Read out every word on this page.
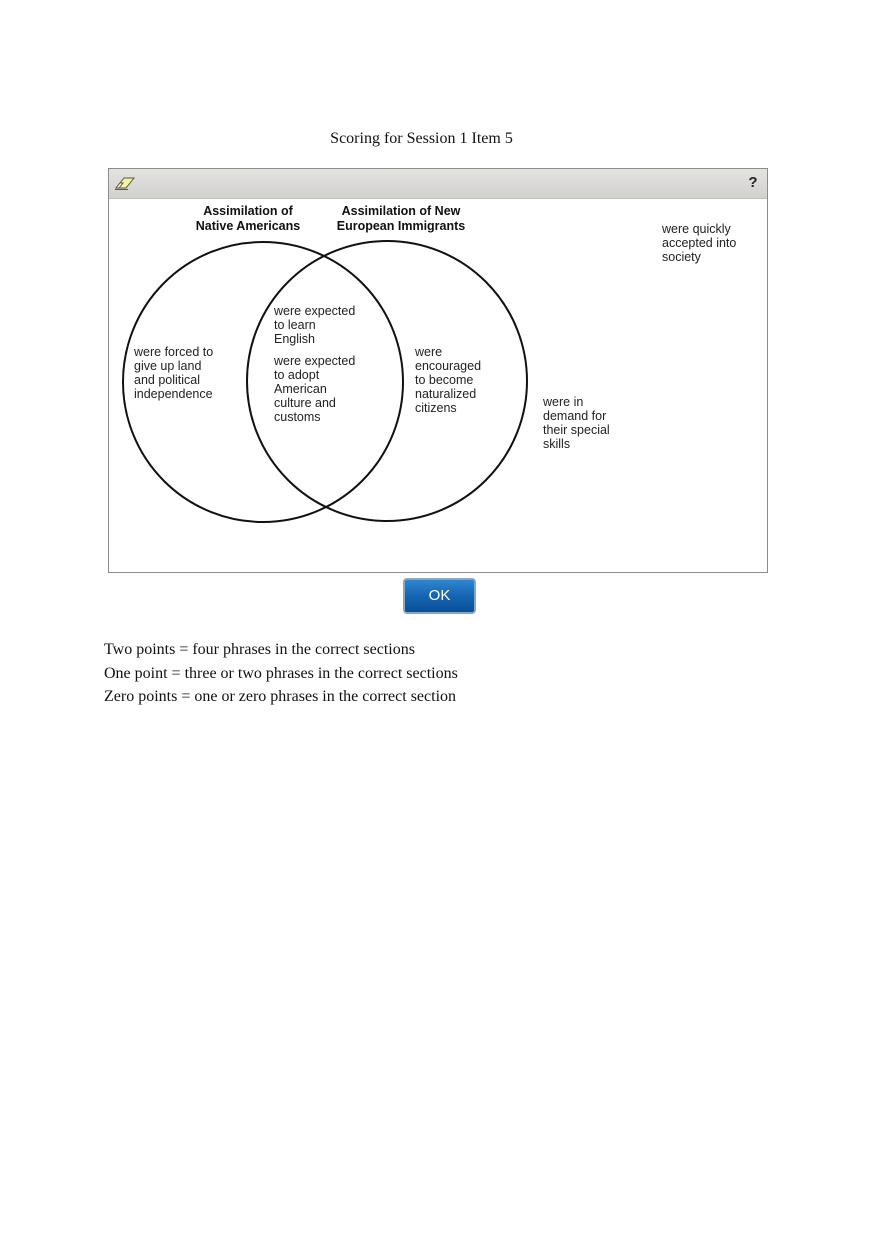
Scoring for Session 1 Item 5
?
Assimilation of
Native Americans
Assimilation of New
European Immigrants
were forced to
give up land
and political
independence
were expected
to learn
English
were expected
to adopt
American
culture and
customs
were
encouraged
to become
naturalized
citizens
were quickly
accepted into
society
were in
demand for
their special
skills
OK
Two points = four phrases in the correct sections
One point = three or two phrases in the correct sections
Zero points = one or zero phrases in the correct section
